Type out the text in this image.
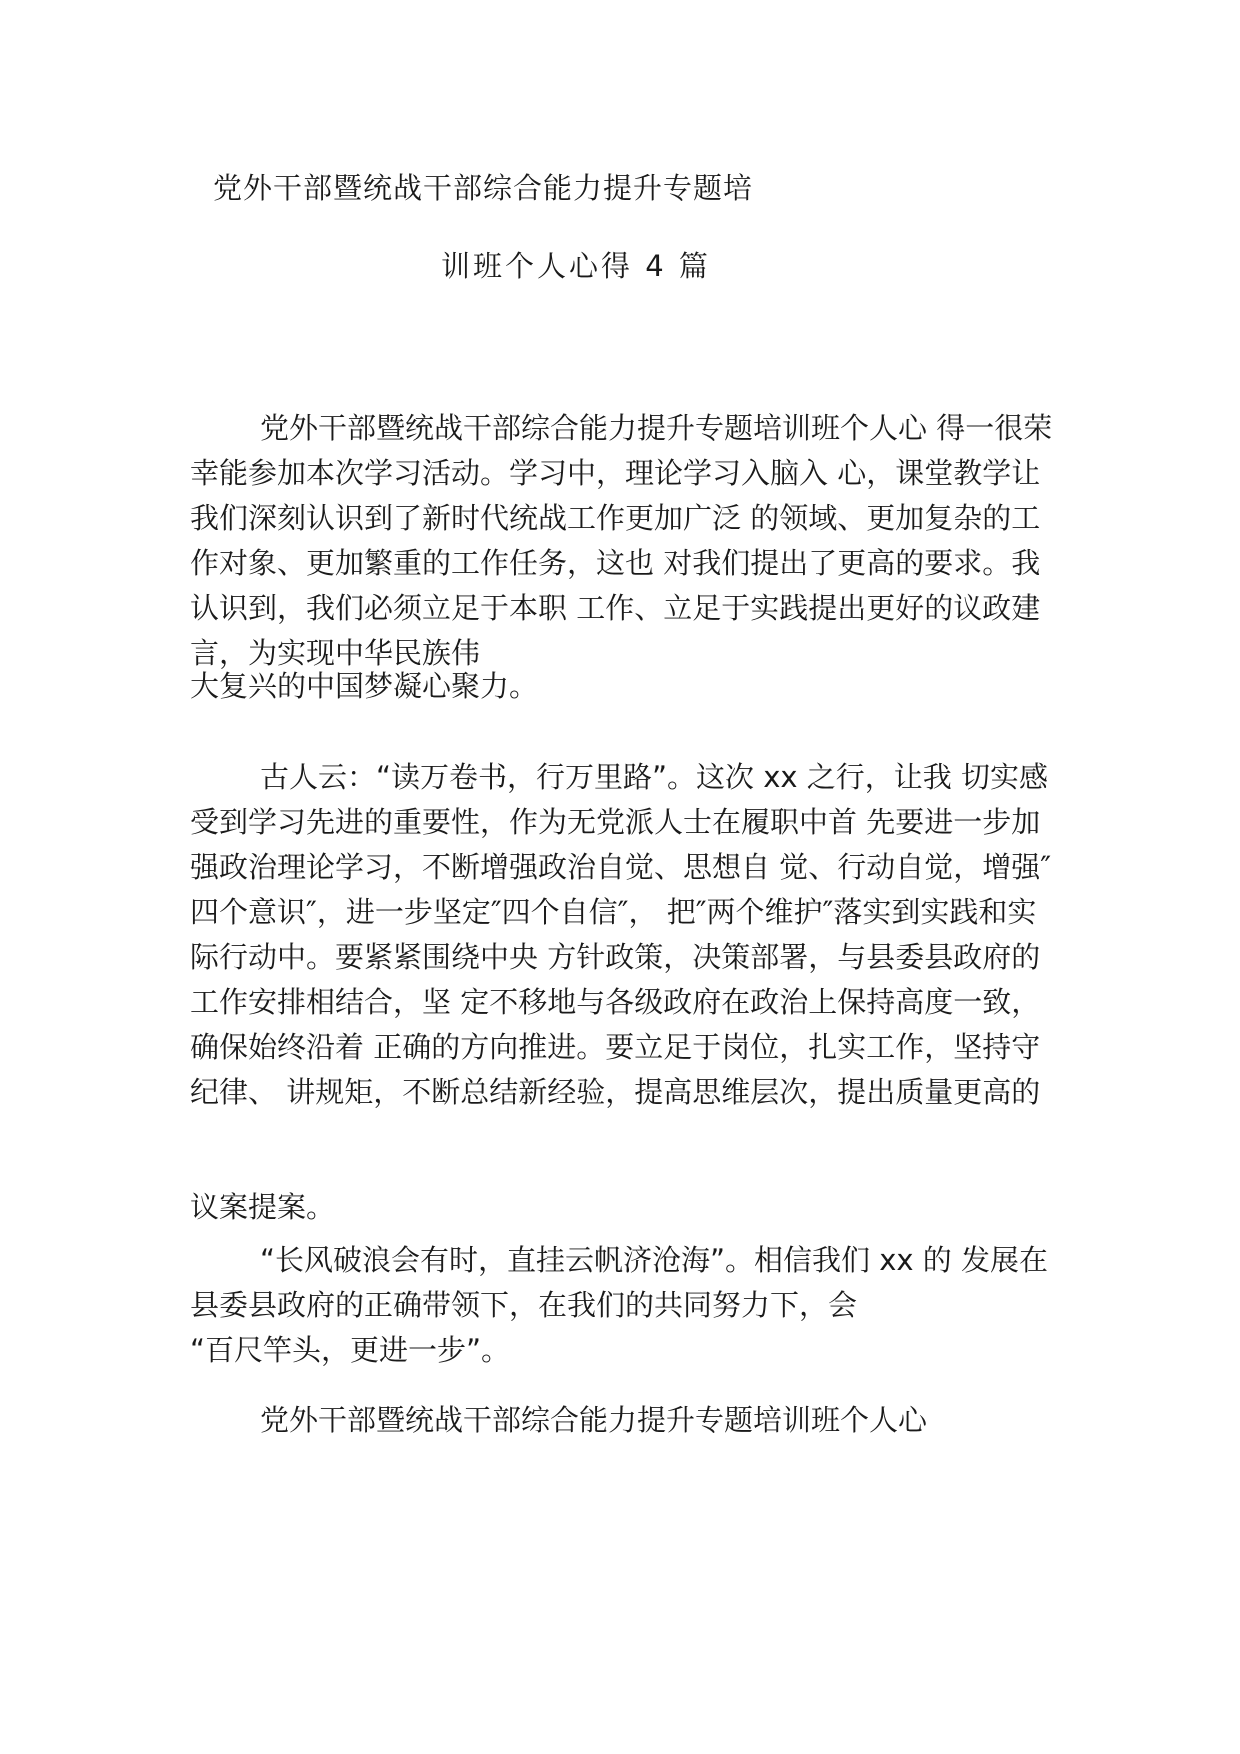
党外干部暨统战干部综合能力提升专题培
训班个人心得 4 篇

党外干部暨统战干部综合能力提升专题培训班个人心 得一很荣幸能参加本次学习活动。学习中，理论学习入脑入 心，课堂教学让我们深刻认识到了新时代统战工作更加广泛 的领域、更加复杂的工作对象、更加繁重的工作任务，这也 对我们提出了更高的要求。我认识到，我们必须立足于本职 工作、立足于实践提出更好的议政建言，为实现中华民族伟

大复兴的中国梦凝心聚力。

古人云：“读万卷书，行万里路”。这次 xx 之行，让我 切实感受到学习先进的重要性，作为无党派人士在履职中首 先要进一步加强政治理论学习，不断增强政治自觉、思想自 觉、行动自觉，增强″四个意识″，进一步坚定″四个自信″， 把″两个维护″落实到实践和实际行动中。要紧紧围绕中央 方针政策，决策部署，与县委县政府的工作安排相结合，坚 定不移地与各级政府在政治上保持高度一致，确保始终沿着 正确的方向推进。要立足于岗位，扎实工作，坚持守纪律、 讲规矩，不断总结新经验，提高思维层次，提出质量更高的

议案提案。

“长风破浪会有时，直挂云帆济沧海”。相信我们 xx 的 发展在县委县政府的正确带领下，在我们的共同努力下，会

“百尺竿头，更进一步”。

党外干部暨统战干部综合能力提升专题培训班个人心
